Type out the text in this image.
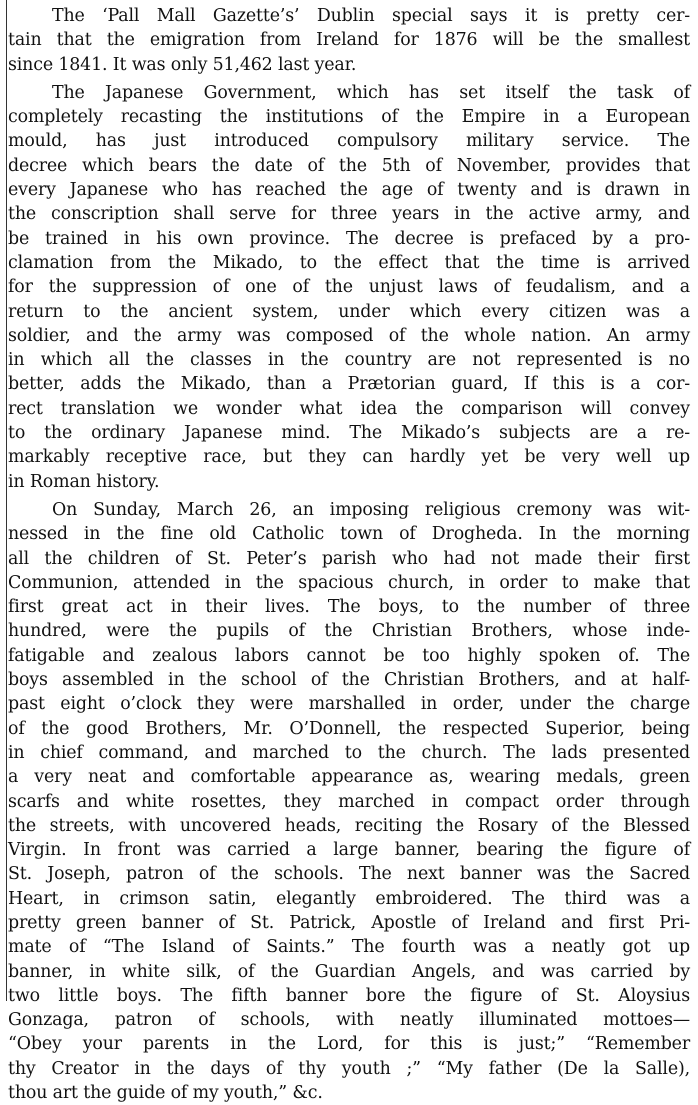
The ‘Pall Mall Gazette’s’ Dublin special says it is pretty cer-
tain that the emigration from Ireland for 1876 will be the smallest
since 1841. It was only 51,462 last year.
The Japanese Government, which has set itself the task of
completely recasting the institutions of the Empire in a European
mould, has just introduced compulsory military service. The
decree which bears the date of the 5th of November, provides that
every Japanese who has reached the age of twenty and is drawn in
the conscription shall serve for three years in the active army, and
be trained in his own province. The decree is prefaced by a pro-
clamation from the Mikado, to the effect that the time is arrived
for the suppression of one of the unjust laws of feudalism, and a
return to the ancient system, under which every citizen was a
soldier, and the army was composed of the whole nation. An army
in which all the classes in the country are not represented is no
better, adds the Mikado, than a Prætorian guard, If this is a cor-
rect translation we wonder what idea the comparison will convey
to the ordinary Japanese mind. The Mikado’s subjects are a re-
markably receptive race, but they can hardly yet be very well up
in Roman history.
On Sunday, March 26, an imposing religious cremony was wit-
nessed in the fine old Catholic town of Drogheda. In the morning
all the children of St. Peter’s parish who had not made their first
Communion, attended in the spacious church, in order to make that
first great act in their lives. The boys, to the number of three
hundred, were the pupils of the Christian Brothers, whose inde-
fatigable and zealous labors cannot be too highly spoken of. The
boys assembled in the school of the Christian Brothers, and at half-
past eight o’clock they were marshalled in order, under the charge
of the good Brothers, Mr. O’Donnell, the respected Superior, being
in chief command, and marched to the church. The lads presented
a very neat and comfortable appearance as, wearing medals, green
scarfs and white rosettes, they marched in compact order through
the streets, with uncovered heads, reciting the Rosary of the Blessed
Virgin. In front was carried a large banner, bearing the figure of
St. Joseph, patron of the schools. The next banner was the Sacred
Heart, in crimson satin, elegantly embroidered. The third was a
pretty green banner of St. Patrick, Apostle of Ireland and first Pri-
mate of “The Island of Saints.” The fourth was a neatly got up
banner, in white silk, of the Guardian Angels, and was carried by
two little boys. The fifth banner bore the figure of St. Aloysius
Gonzaga, patron of schools, with neatly illuminated mottoes—
“Obey your parents in the Lord, for this is just;” “Remember
thy Creator in the days of thy youth ;” “My father (De la Salle),
thou art the guide of my youth,” &c.
